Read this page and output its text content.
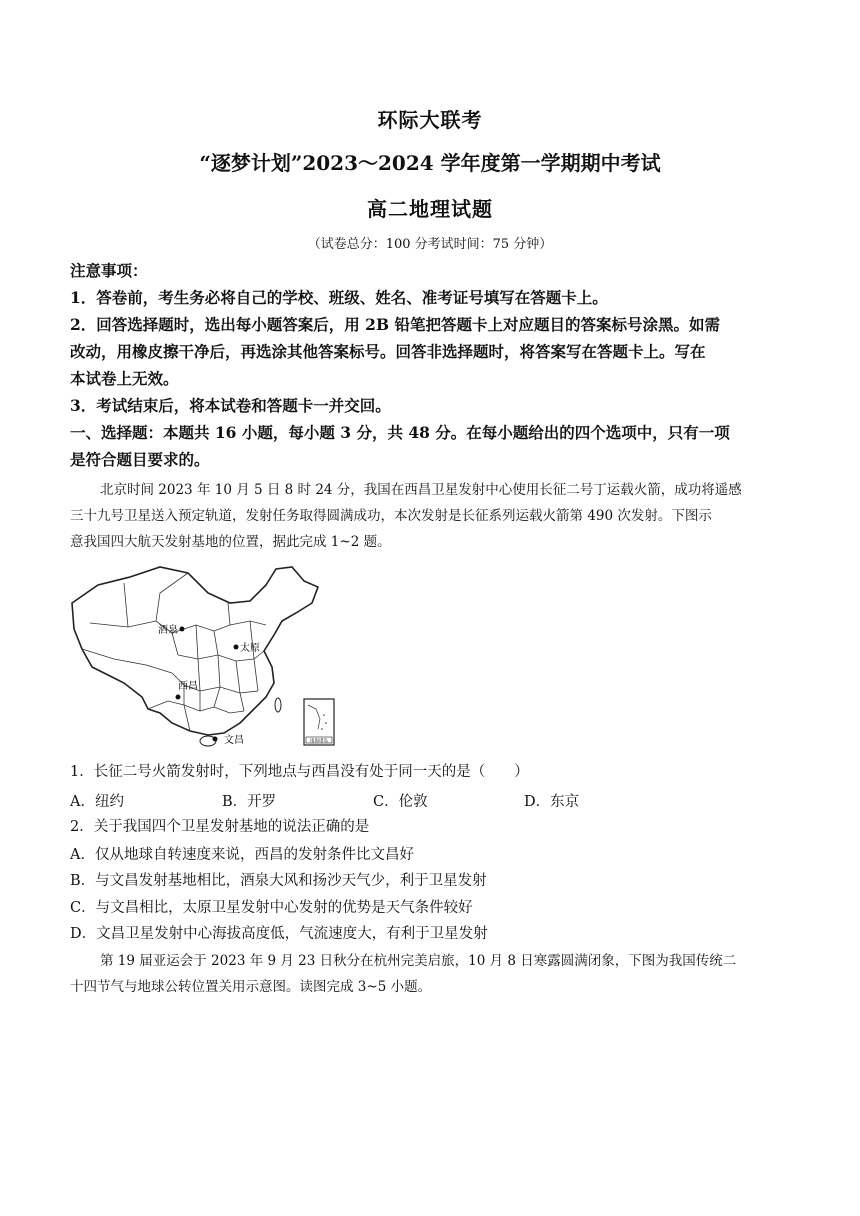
环际大联考
“逐梦计划”2023～2024 学年度第一学期期中考试
高二地理试题
（试卷总分：100 分考试时间：75 分钟）
注意事项：
1．答卷前，考生务必将自己的学校、班级、姓名、准考证号填写在答题卡上。
2．回答选择题时，选出每小题答案后，用 2B 铅笔把答题卡上对应题目的答案标号涂黑。如需
改动，用橡皮擦干净后，再选涂其他答案标号。回答非选择题时，将答案写在答题卡上。写在
本试卷上无效。
3．考试结束后，将本试卷和答题卡一并交回。
一、选择题：本题共 16 小题，每小题 3 分，共 48 分。在每小题给出的四个选项中，只有一项
是符合题目要求的。
北京时间 2023 年 10 月 5 日 8 时 24 分，我国在西昌卫星发射中心使用长征二号丁运载火箭，成功将遥感
三十九号卫星送入预定轨道，发射任务取得圆满成功，本次发射是长征系列运载火箭第 490 次发射。下图示
意我国四大航天发射基地的位置，据此完成 1~2 题。
酒泉
太原
西昌
文昌	南海诸岛
1．长征二号火箭发射时，下列地点与西昌没有处于同一天的是（　　）
A．纽约	B．开罗	C．伦敦	D．东京
2．关于我国四个卫星发射基地的说法正确的是
A．仅从地球自转速度来说，西昌的发射条件比文昌好
B．与文昌发射基地相比，酒泉大风和扬沙天气少，利于卫星发射
C．与文昌相比，太原卫星发射中心发射的优势是天气条件较好
D．文昌卫星发射中心海拔高度低，气流速度大，有利于卫星发射
第 19 届亚运会于 2023 年 9 月 23 日秋分在杭州完美启旅，10 月 8 日寒露圆满闭象，下图为我国传统二
十四节气与地球公转位置关用示意图。读图完成 3~5 小题。
